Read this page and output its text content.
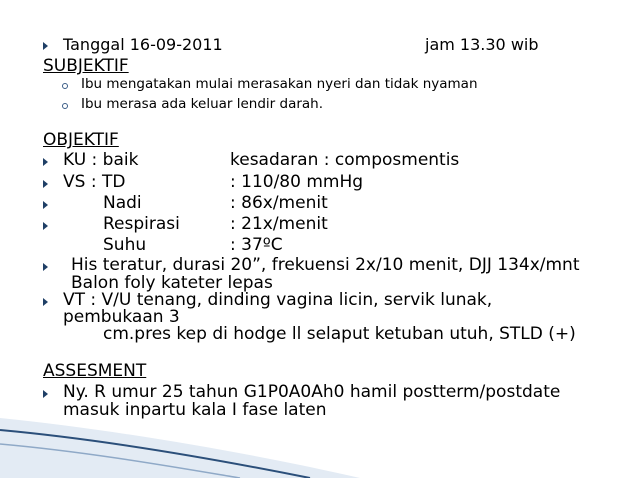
Tanggal 16-09-2011	jam 13.30 wib
SUBJEKTIF
Ibu mengatakan mulai merasakan nyeri dan tidak nyaman
Ibu merasa ada keluar lendir darah.
OBJEKTIF
KU : baik	kesadaran : composmentis
VS : TD	: 110/80 mmHg
Nadi	: 86x/menit
Respirasi	: 21x/menit
Suhu	: 37ºC
His teratur, durasi 20”, frekuensi 2x/10 menit, DJJ 134x/mnt
Balon foly kateter lepas
VT : V/U tenang, dinding vagina licin, servik lunak,
pembukaan 3
cm.pres kep di hodge ll selaput ketuban utuh, STLD (+)
ASSESMENT
Ny. R umur 25 tahun G1P0A0Ah0 hamil postterm/postdate
masuk inpartu kala I fase laten
